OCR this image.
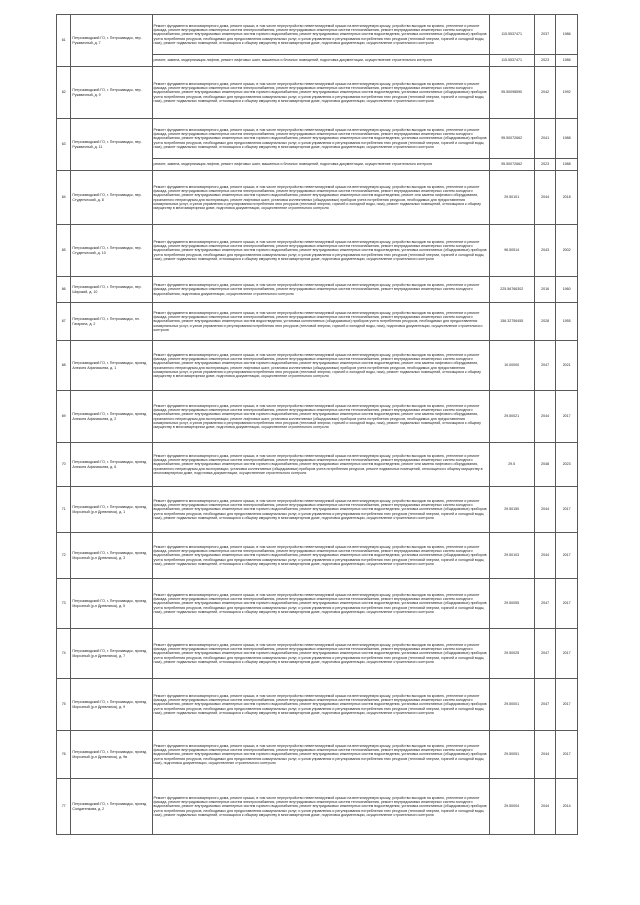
61	Петрозаводский ГО, г. Петрозаводск, пер. Рукавичный, д. 7	Ремонт фундамента многоквартирного дома, ремонт крыши, в том числе переустройство невентилируемой крыши на вентилируемую крышу, устройство выходов на кровлю, утепление и ремонт фасада, ремонт внутридомовых инженерных систем электроснабжения, ремонт внутридомовых инженерных систем теплоснабжения, ремонт внутридомовых инженерных систем холодного водоснабжения, ремонт внутридомовых инженерных систем горячего водоснабжения, ремонт внутридомовых инженерных систем водоотведения, установка коллективных (общедомовых) приборов учета потребления ресурсов, необходимых для предоставления коммунальных услуг, и узлов управления и регулирования потребления этих ресурсов (тепловой энергии, горячей и холодной воды, газа), ремонт подвальных помещений, относящихся к общему имуществу в многоквартирном доме, подготовка документации, осуществление строительного контроля	115.5537471	2037	1986
		ремонт, замена, модернизация лифтов, ремонт лифтовых шахт, машинных и блочных помещений, подготовка документации, осуществление строительного контроля	115.5537471	2023	1986
62	Петрозаводский ГО, г. Петрозаводск, пер. Рукавичный, д. 9	Ремонт фундамента многоквартирного дома, ремонт крыши, в том числе переустройство невентилируемой крыши на вентилируемую крышу, устройство выходов на кровлю, утепление и ремонт фасада, ремонт внутридомовых инженерных систем электроснабжения, ремонт внутридомовых инженерных систем теплоснабжения, ремонт внутридомовых инженерных систем холодного водоснабжения, ремонт внутридомовых инженерных систем горячего водоснабжения, ремонт внутридомовых инженерных систем водоотведения, установка коллективных (общедомовых) приборов учета потребления ресурсов, необходимых для предоставления коммунальных услуг, и узлов управления и регулирования потребления этих ресурсов (тепловой энергии, горячей и холодной воды, газа), ремонт подвальных помещений, относящихся к общему имуществу в многоквартирном доме, подготовка документации, осуществление строительного контроля	95.50098590	2042	1992
63	Петрозаводский ГО, г. Петрозаводск, пер. Рукавичный, д. 11	Ремонт фундамента многоквартирного дома, ремонт крыши, в том числе переустройство невентилируемой крыши на вентилируемую крышу, устройство выходов на кровлю, утепление и ремонт фасада, ремонт внутридомовых инженерных систем электроснабжения, ремонт внутридомовых инженерных систем теплоснабжения, ремонт внутридомовых инженерных систем холодного водоснабжения, ремонт внутридомовых инженерных систем горячего водоснабжения, ремонт внутридомовых инженерных систем водоотведения, установка коллективных (общедомовых) приборов учета потребления ресурсов, необходимых для предоставления коммунальных услуг, и узлов управления и регулирования потребления этих ресурсов (тепловой энергии, горячей и холодной воды, газа), ремонт подвальных помещений, относящихся к общему имуществу в многоквартирном доме, подготовка документации, осуществление строительного контроля	95.50072662	2041	1988
		ремонт, замена, модернизация лифтов, ремонт лифтовых шахт, машинных и блочных помещений, подготовка документации, осуществление строительного контроля	95.50072662	2023	1988
64	Петрозаводский ГО, г. Петрозаводск, пер. Студенческий, д. 8	Ремонт фундамента многоквартирного дома, ремонт крыши, в том числе переустройство невентилируемой крыши на вентилируемую крышу, устройство выходов на кровлю, утепление и ремонт фасада, ремонт внутридомовых инженерных систем электроснабжения, ремонт внутридомовых инженерных систем теплоснабжения, ремонт внутридомовых инженерных систем холодного водоснабжения, ремонт внутридомовых инженерных систем горячего водоснабжения, ремонт внутридомовых инженерных систем водоотведения, ремонт или замена лифтового оборудования, признанного непригодным для эксплуатации, ремонт лифтовых шахт, установка коллективных (общедомовых) приборов учета потребления ресурсов, необходимых для предоставления коммунальных услуг, и узлов управления и регулирования потребления этих ресурсов (тепловой энергии, горячей и холодной воды, газа), ремонт подвальных помещений, относящихся к общему имуществу в многоквартирном доме, подготовка документации, осуществление строительного контроля	29.50101	2044	2018
65	Петрозаводский ГО, г. Петрозаводск, пер. Студенческий, д. 10	Ремонт фундамента многоквартирного дома, ремонт крыши, в том числе переустройство невентилируемой крыши на вентилируемую крышу, устройство выходов на кровлю, утепление и ремонт фасада, ремонт внутридомовых инженерных систем электроснабжения, ремонт внутридомовых инженерных систем теплоснабжения, ремонт внутридомовых инженерных систем холодного водоснабжения, ремонт внутридомовых инженерных систем горячего водоснабжения, ремонт внутридомовых инженерных систем водоотведения, установка коллективных (общедомовых) приборов учета потребления ресурсов, необходимых для предоставления коммунальных услуг, и узлов управления и регулирования потребления этих ресурсов (тепловой энергии, горячей и холодной воды, газа), ремонт подвальных помещений, относящихся к общему имуществу в многоквартирном доме, подготовка документации, осуществление строительного контроля	96.50514	2043	2002
66	Петрозаводский ГО, г. Петрозаводск, пер. Широкий, д. 10	Ремонт фундамента многоквартирного дома, ремонт крыши, в том числе переустройство невентилируемой крыши на вентилируемую крышу, устройство выходов на кровлю, утепление и ремонт фасада, ремонт внутридомовых инженерных систем электроснабжения, ремонт внутридомовых инженерных систем теплоснабжения, ремонт внутридомовых инженерных систем холодного водоснабжения, подготовка документации, осуществление строительного контроля	225.56766302	2016	1960
67	Петрозаводский ГО, г. Петрозаводск, пл. Гагарина, д. 2	Ремонт фундамента многоквартирного дома, ремонт крыши, в том числе переустройство невентилируемой крыши на вентилируемую крышу, устройство выходов на кровлю, утепление и ремонт фасада, ремонт внутридомовых инженерных систем электроснабжения, ремонт внутридомовых инженерных систем теплоснабжения, ремонт внутридомовых инженерных систем холодного водоснабжения, ремонт внутридомовых инженерных систем водоотведения, установка коллективных (общедомовых) приборов учета потребления ресурсов, необходимых для предоставления коммунальных услуг, и узлов управления и регулирования потребления этих ресурсов (тепловой энергии, горячей и холодной воды, газа), подготовка документации, осуществление строительного контроля	156.32756455	2028	1955
68	Петрозаводский ГО, г. Петрозаводск, проезд Алексея Афанасьева, д. 1	Ремонт фундамента многоквартирного дома, ремонт крыши, в том числе переустройство невентилируемой крыши на вентилируемую крышу, устройство выходов на кровлю, утепление и ремонт фасада, ремонт внутридомовых инженерных систем электроснабжения, ремонт внутридомовых инженерных систем теплоснабжения, ремонт внутридомовых инженерных систем холодного водоснабжения, ремонт внутридомовых инженерных систем горячего водоснабжения, ремонт внутридомовых инженерных систем водоотведения, ремонт или замена лифтового оборудования, признанного непригодным для эксплуатации, ремонт лифтовых шахт, установка коллективных (общедомовых) приборов учета потребления ресурсов, необходимых для предоставления коммунальных услуг, и узлов управления и регулирования потребления этих ресурсов (тепловой энергии, горячей и холодной воды, газа), ремонт подвальных помещений, относящихся к общему имуществу в многоквартирном доме, подготовка документации, осуществление строительного контроля	10.00000	2047	2021
69	Петрозаводский ГО, г. Петрозаводск, проезд Алексея Афанасьева, д. 2	Ремонт фундамента многоквартирного дома, ремонт крыши, в том числе переустройство невентилируемой крыши на вентилируемую крышу, устройство выходов на кровлю, утепление и ремонт фасада, ремонт внутридомовых инженерных систем электроснабжения, ремонт внутридомовых инженерных систем теплоснабжения, ремонт внутридомовых инженерных систем холодного водоснабжения, ремонт внутридомовых инженерных систем горячего водоснабжения, ремонт внутридомовых инженерных систем водоотведения, ремонт или замена лифтового оборудования, признанного непригодным для эксплуатации, ремонт лифтовых шахт, установка коллективных (общедомовых) приборов учета потребления ресурсов, необходимых для предоставления коммунальных услуг, и узлов управления и регулирования потребления этих ресурсов (тепловой энергии, горячей и холодной воды, газа), ремонт подвальных помещений, относящихся к общему имуществу в многоквартирном доме, подготовка документации, осуществление строительного контроля	29.50021	2044	2017
70	Петрозаводский ГО, г. Петрозаводск, проезд Алексея Афанасьева, д. 6	Ремонт фундамента многоквартирного дома, ремонт крыши, в том числе переустройство невентилируемой крыши на вентилируемую крышу, устройство выходов на кровлю, утепление и ремонт фасада, ремонт внутридомовых инженерных систем электроснабжения, ремонт внутридомовых инженерных систем теплоснабжения, ремонт внутридомовых инженерных систем холодного водоснабжения, ремонт внутридомовых инженерных систем горячего водоснабжения, ремонт внутридомовых инженерных систем водоотведения, ремонт или замена лифтового оборудования, признанного непригодным для эксплуатации, установка коллективных (общедомовых) приборов учета потребления ресурсов, ремонт подвальных помещений, относящихся к общему имуществу в многоквартирном доме, подготовка документации, осуществление строительного контроля	29.5	2048	2023
71	Петрозаводский ГО, г. Петрозаводск, проезд Морозный (р-н Древлянка), д. 1	Ремонт фундамента многоквартирного дома, ремонт крыши, в том числе переустройство невентилируемой крыши на вентилируемую крышу, устройство выходов на кровлю, утепление и ремонт фасада, ремонт внутридомовых инженерных систем электроснабжения, ремонт внутридомовых инженерных систем теплоснабжения, ремонт внутридомовых инженерных систем холодного водоснабжения, ремонт внутридомовых инженерных систем горячего водоснабжения, ремонт внутридомовых инженерных систем водоотведения, установка коллективных (общедомовых) приборов учета потребления ресурсов, необходимых для предоставления коммунальных услуг, и узлов управления и регулирования потребления этих ресурсов (тепловой энергии, горячей и холодной воды, газа), ремонт подвальных помещений, относящихся к общему имуществу в многоквартирном доме, подготовка документации, осуществление строительного контроля	29.50150	2044	2017
72	Петрозаводский ГО, г. Петрозаводск, проезд Морозный (р-н Древлянка), д. 3	Ремонт фундамента многоквартирного дома, ремонт крыши, в том числе переустройство невентилируемой крыши на вентилируемую крышу, устройство выходов на кровлю, утепление и ремонт фасада, ремонт внутридомовых инженерных систем электроснабжения, ремонт внутридомовых инженерных систем теплоснабжения, ремонт внутридомовых инженерных систем холодного водоснабжения, ремонт внутридомовых инженерных систем горячего водоснабжения, ремонт внутридомовых инженерных систем водоотведения, установка коллективных (общедомовых) приборов учета потребления ресурсов, необходимых для предоставления коммунальных услуг, и узлов управления и регулирования потребления этих ресурсов (тепловой энергии, горячей и холодной воды, газа), ремонт подвальных помещений, относящихся к общему имуществу в многоквартирном доме, подготовка документации, осуществление строительного контроля	29.50103	2044	2017
73	Петрозаводский ГО, г. Петрозаводск, проезд Морозный (р-н Древлянка), д. 5	Ремонт фундамента многоквартирного дома, ремонт крыши, в том числе переустройство невентилируемой крыши на вентилируемую крышу, устройство выходов на кровлю, утепление и ремонт фасада, ремонт внутридомовых инженерных систем электроснабжения, ремонт внутридомовых инженерных систем теплоснабжения, ремонт внутридомовых инженерных систем холодного водоснабжения, ремонт внутридомовых инженерных систем горячего водоснабжения, ремонт внутридомовых инженерных систем водоотведения, установка коллективных (общедомовых) приборов учета потребления ресурсов, необходимых для предоставления коммунальных услуг, и узлов управления и регулирования потребления этих ресурсов (тепловой энергии, горячей и холодной воды, газа), ремонт подвальных помещений, относящихся к общему имуществу в многоквартирном доме, подготовка документации, осуществление строительного контроля	29.50055	2047	2017
74	Петрозаводский ГО, г. Петрозаводск, проезд Морозный (р-н Древлянка), д. 7	Ремонт фундамента многоквартирного дома, ремонт крыши, в том числе переустройство невентилируемой крыши на вентилируемую крышу, устройство выходов на кровлю, утепление и ремонт фасада, ремонт внутридомовых инженерных систем электроснабжения, ремонт внутридомовых инженерных систем теплоснабжения, ремонт внутридомовых инженерных систем холодного водоснабжения, ремонт внутридомовых инженерных систем горячего водоснабжения, ремонт внутридомовых инженерных систем водоотведения, установка коллективных (общедомовых) приборов учета потребления ресурсов, необходимых для предоставления коммунальных услуг, и узлов управления и регулирования потребления этих ресурсов (тепловой энергии, горячей и холодной воды, газа), ремонт подвальных помещений, относящихся к общему имуществу в многоквартирном доме, подготовка документации, осуществление строительного контроля	29.50025	2047	2017
75	Петрозаводский ГО, г. Петрозаводск, проезд Морозный (р-н Древлянка), д. 9	Ремонт фундамента многоквартирного дома, ремонт крыши, в том числе переустройство невентилируемой крыши на вентилируемую крышу, устройство выходов на кровлю, утепление и ремонт фасада, ремонт внутридомовых инженерных систем электроснабжения, ремонт внутридомовых инженерных систем теплоснабжения, ремонт внутридомовых инженерных систем холодного водоснабжения, ремонт внутридомовых инженерных систем горячего водоснабжения, ремонт внутридомовых инженерных систем водоотведения, установка коллективных (общедомовых) приборов учета потребления ресурсов, необходимых для предоставления коммунальных услуг, и узлов управления и регулирования потребления этих ресурсов (тепловой энергии, горячей и холодной воды, газа), ремонт подвальных помещений, относящихся к общему имуществу в многоквартирном доме, подготовка документации, осуществление строительного контроля	29.50001	2047	2017
76	Петрозаводский ГО, г. Петрозаводск, проезд Морозный (р-н Древлянка), д. 9в	Ремонт фундамента многоквартирного дома, ремонт крыши, в том числе переустройство невентилируемой крыши на вентилируемую крышу, устройство выходов на кровлю, утепление и ремонт фасада, ремонт внутридомовых инженерных систем электроснабжения, ремонт внутридомовых инженерных систем теплоснабжения, ремонт внутридомовых инженерных систем холодного водоснабжения, ремонт внутридомовых инженерных систем горячего водоснабжения, ремонт внутридомовых инженерных систем водоотведения, установка коллективных (общедомовых) приборов учета потребления ресурсов, необходимых для предоставления коммунальных услуг, и узлов управления и регулирования потребления этих ресурсов (тепловой энергии, горячей и холодной воды, газа), подготовка документации, осуществление строительного контроля	29.50051	2044	2017
77	Петрозаводский ГО, г. Петрозаводск, проезд Солдатенкова, д. 2	Ремонт фундамента многоквартирного дома, ремонт крыши, в том числе переустройство невентилируемой крыши на вентилируемую крышу, устройство выходов на кровлю, утепление и ремонт фасада, ремонт внутридомовых инженерных систем электроснабжения, ремонт внутридомовых инженерных систем теплоснабжения, ремонт внутридомовых инженерных систем холодного водоснабжения, ремонт внутридомовых инженерных систем горячего водоснабжения, ремонт внутридомовых инженерных систем водоотведения, установка коллективных (общедомовых) приборов учета потребления ресурсов, необходимых для предоставления коммунальных услуг, и узлов управления и регулирования потребления этих ресурсов (тепловой энергии, горячей и холодной воды, газа), ремонт подвальных помещений, относящихся к общему имуществу в многоквартирном доме, подготовка документации, осуществление строительного контроля	29.50004	2044	2014
